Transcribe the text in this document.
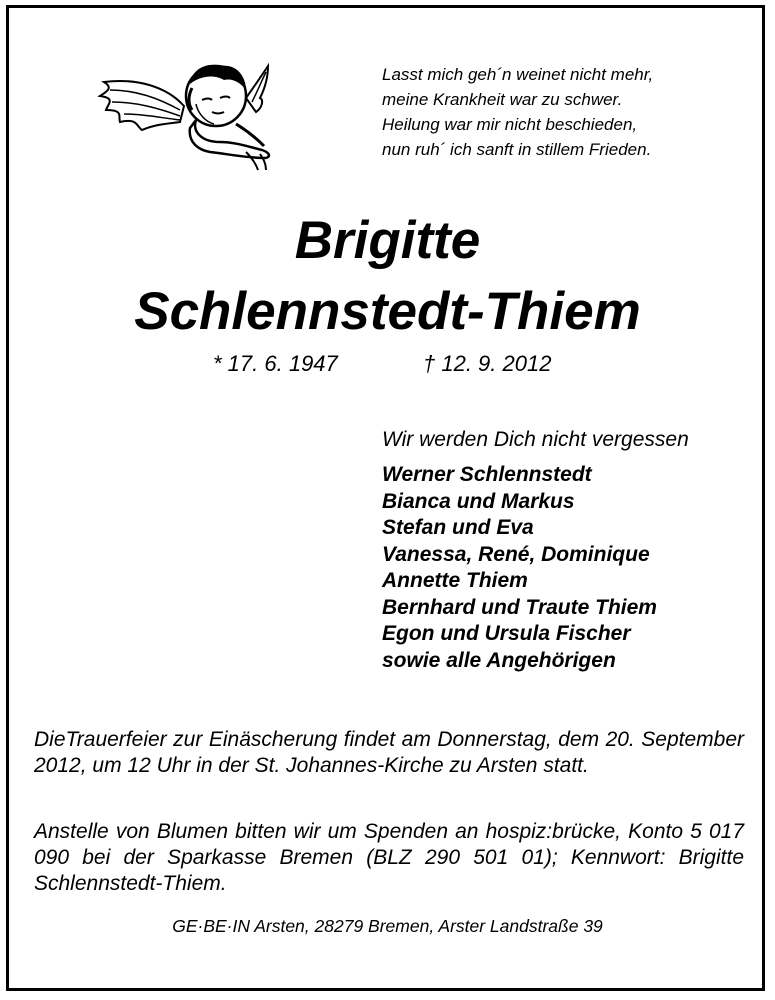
Lasst mich geh´n weinet nicht mehr,
meine Krankheit war zu schwer.
Heilung war mir nicht beschieden,
nun ruh´ ich sanft in stillem Frieden.
Brigitte
Schlennstedt-Thiem
* 17. 6. 1947	† 12. 9. 2012
Wir werden Dich nicht vergessen
Werner Schlennstedt
Bianca und Markus
Stefan und Eva
Vanessa, René, Dominique
Annette Thiem
Bernhard und Traute Thiem
Egon und Ursula Fischer
sowie alle Angehörigen

DieTrauerfeier zur Einäscherung findet am Donnerstag, dem 20. September 2012, um 12 Uhr in der St. Johannes-Kirche zu Arsten statt.

Anstelle von Blumen bitten wir um Spenden an hospiz:brücke, Konto 5 017 090 bei der Sparkasse Bremen (BLZ 290 501 01); Kennwort: Brigitte Schlennstedt-Thiem.

GE·BE·IN Arsten, 28279 Bremen, Arster Landstraße 39
